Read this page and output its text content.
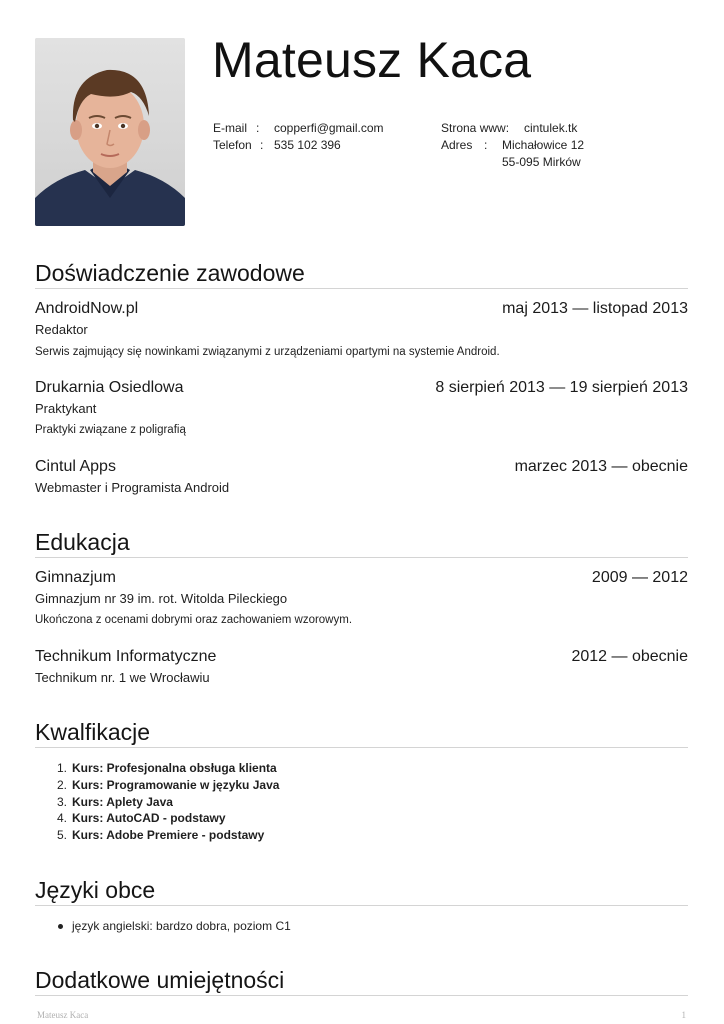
Mateusz Kaca
E-mail : copperfi@gmail.com
Telefon : 535 102 396
Strona www: cintulek.tk
Adres : Michałowice 12
55-095 Mirków
Doświadczenie zawodowe
AndroidNow.pl	maj 2013 — listopad 2013
Redaktor
Serwis zajmujący się nowinkami związanymi z urządzeniami opartymi na systemie Android.
Drukarnia Osiedlowa	8 sierpień 2013 — 19 sierpień 2013
Praktykant
Praktyki związane z poligrafią
Cintul Apps	marzec 2013 — obecnie
Webmaster i Programista Android
Edukacja
Gimnazjum	2009 — 2012
Gimnazjum nr 39 im. rot. Witolda Pileckiego
Ukończona z ocenami dobrymi oraz zachowaniem wzorowym.
Technikum Informatyczne	2012 — obecnie
Technikum nr. 1 we Wrocławiu
Kwalfikacje
1. Kurs: Profesjonalna obsługa klienta
2. Kurs: Programowanie w języku Java
3. Kurs: Aplety Java
4. Kurs: AutoCAD - podstawy
5. Kurs: Adobe Premiere - podstawy
Języki obce
język angielski: bardzo dobra, poziom C1
Dodatkowe umiejętności
Mateusz Kaca	1
